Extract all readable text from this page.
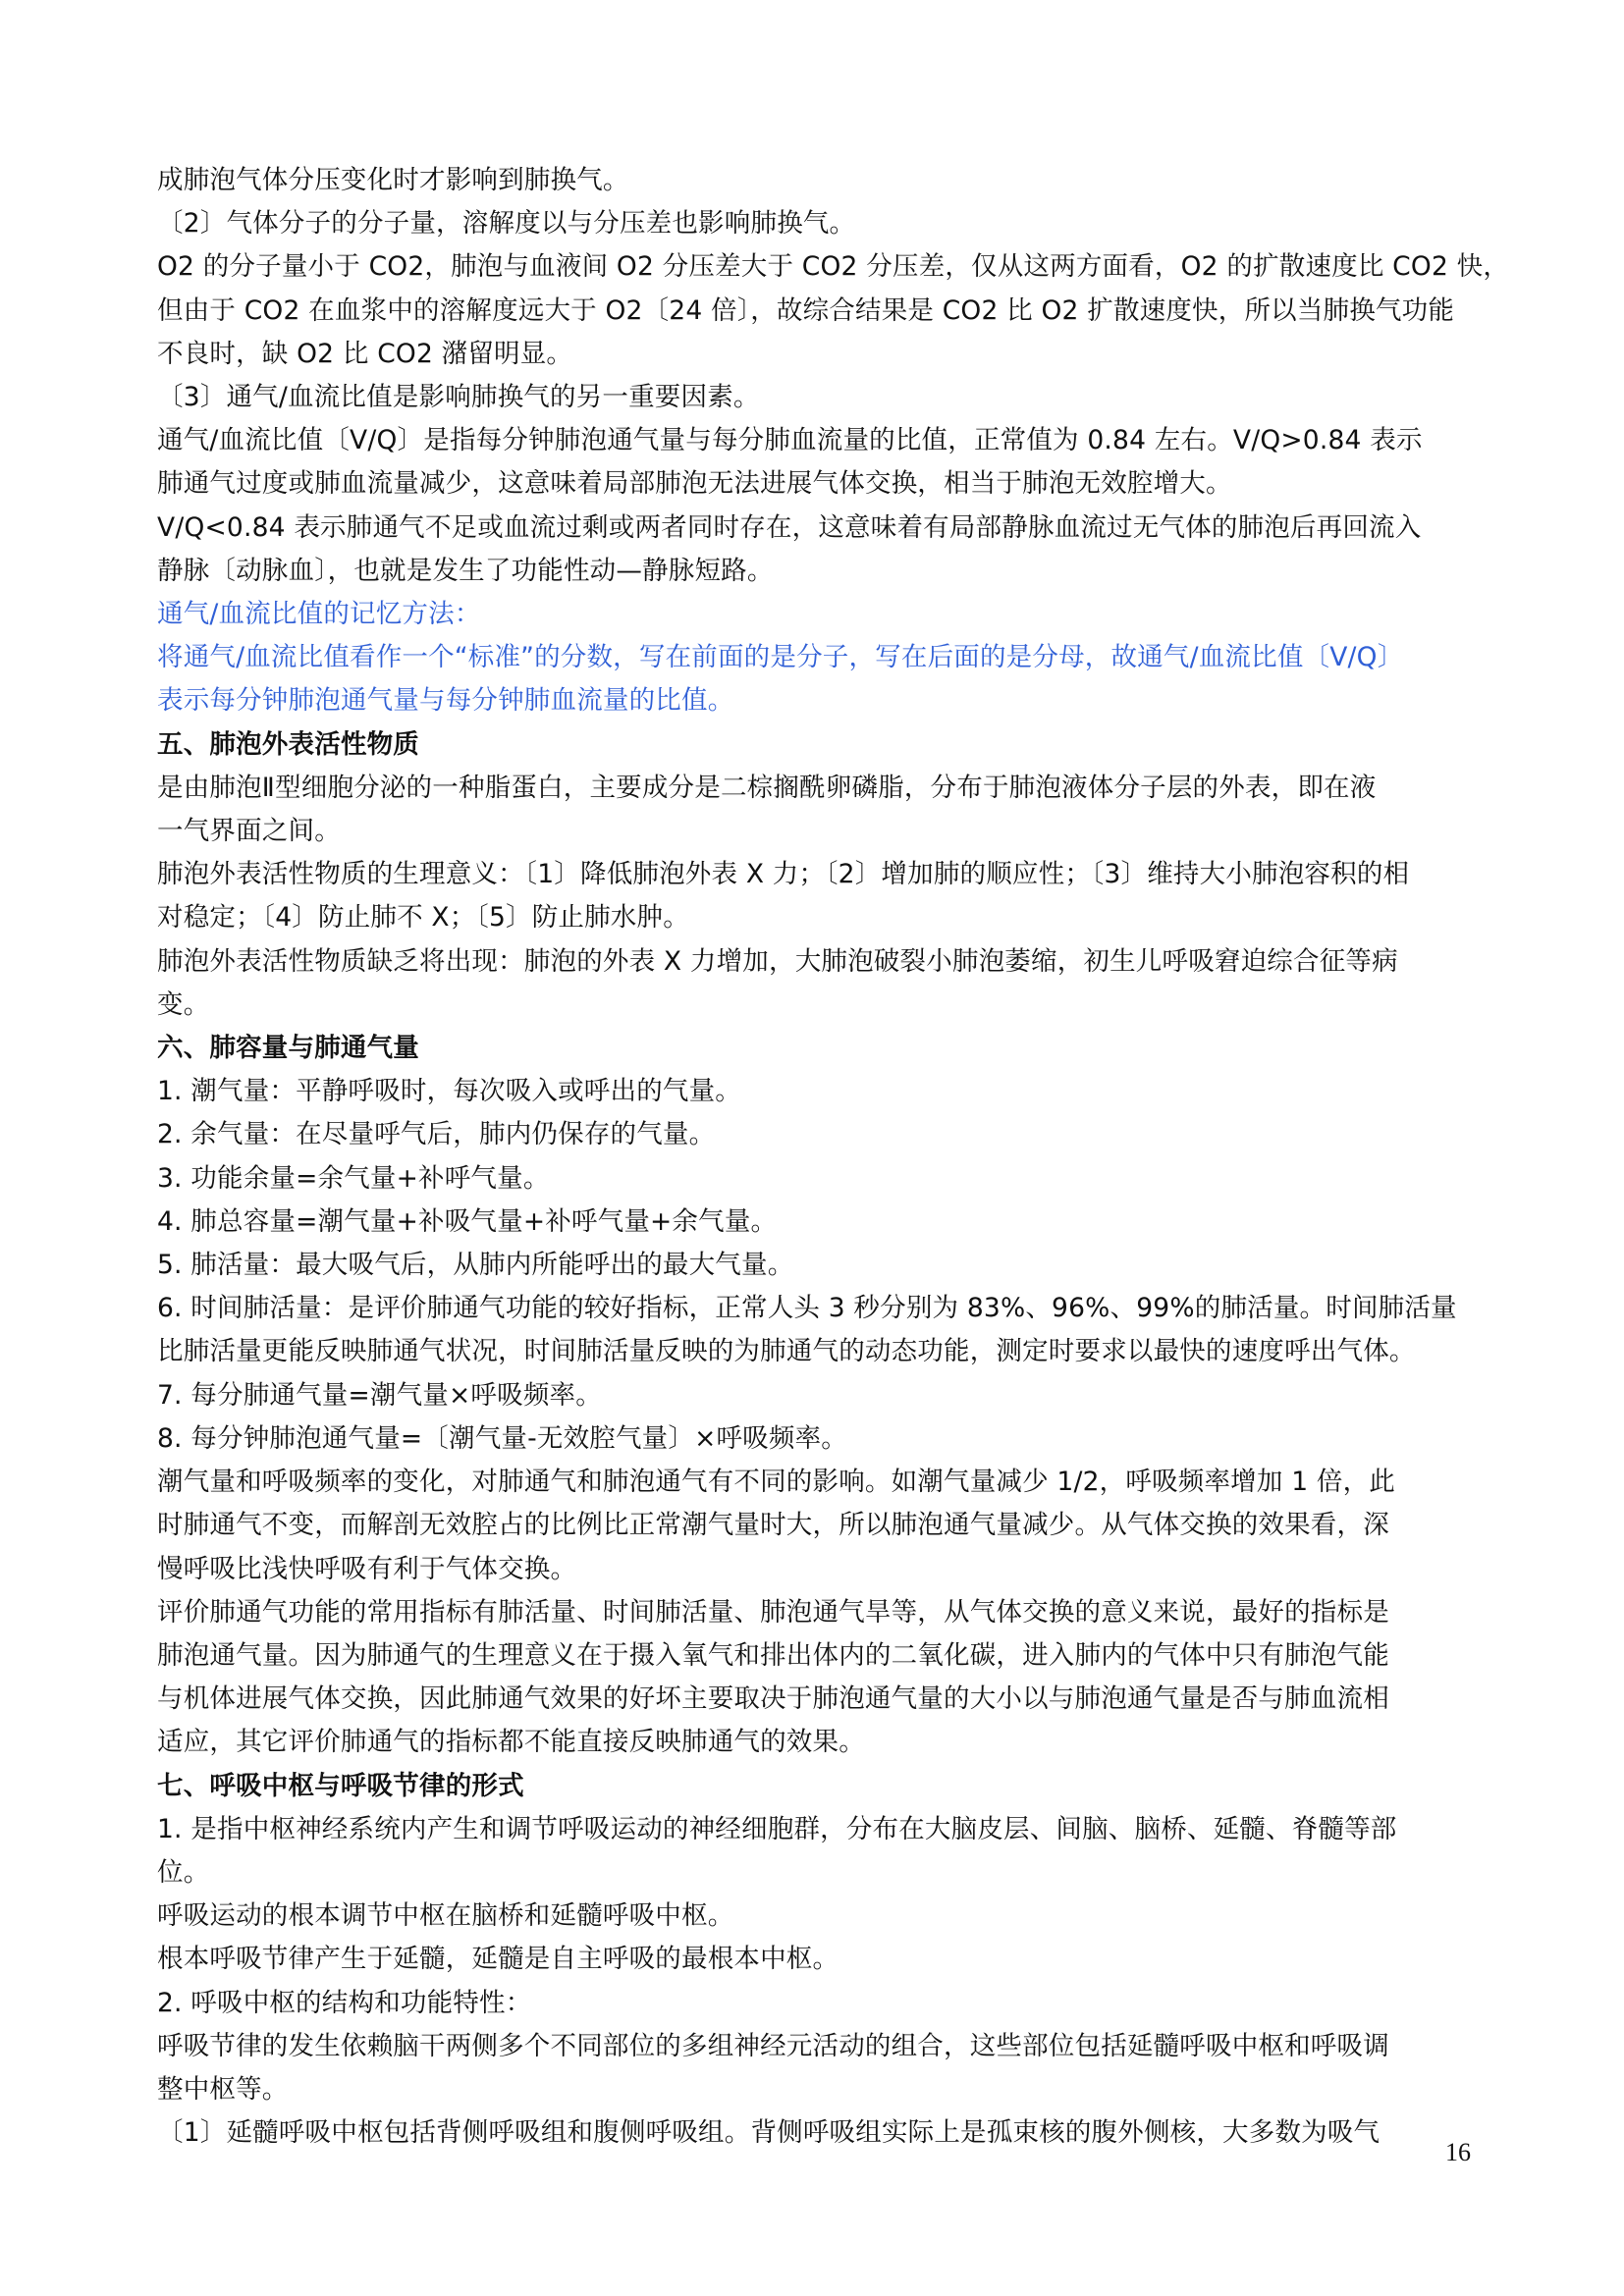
成肺泡气体分压变化时才影响到肺换气。
〔2〕气体分子的分子量，溶解度以与分压差也影响肺换气。
O2 的分子量小于 CO2，肺泡与血液间 O2 分压差大于 CO2 分压差，仅从这两方面看，O2 的扩散速度比 CO2 快，
但由于 CO2 在血浆中的溶解度远大于 O2〔24 倍〕，故综合结果是 CO2 比 O2 扩散速度快，所以当肺换气功能
不良时，缺 O2 比 CO2 潴留明显。
〔3〕通气/血流比值是影响肺换气的另一重要因素。
通气/血流比值〔V/Q〕是指每分钟肺泡通气量与每分肺血流量的比值，正常值为 0.84 左右。V/Q>0.84 表示
肺通气过度或肺血流量减少，这意味着局部肺泡无法进展气体交换，相当于肺泡无效腔增大。
V/Q<0.84 表示肺通气不足或血流过剩或两者同时存在，这意味着有局部静脉血流过无气体的肺泡后再回流入
静脉〔动脉血〕，也就是发生了功能性动—静脉短路。
通气/血流比值的记忆方法：
将通气/血流比值看作一个“标准”的分数，写在前面的是分子，写在后面的是分母，故通气/血流比值〔V/Q〕
表示每分钟肺泡通气量与每分钟肺血流量的比值。
五、肺泡外表活性物质
是由肺泡Ⅱ型细胞分泌的一种脂蛋白，主要成分是二棕搁酰卵磷脂，分布于肺泡液体分子层的外表，即在液
一气界面之间。
肺泡外表活性物质的生理意义：〔1〕降低肺泡外表 X 力；〔2〕增加肺的顺应性；〔3〕维持大小肺泡容积的相
对稳定；〔4〕防止肺不 X；〔5〕防止肺水肿。
肺泡外表活性物质缺乏将出现：肺泡的外表 X 力增加，大肺泡破裂小肺泡萎缩，初生儿呼吸窘迫综合征等病
变。
六、肺容量与肺通气量
1. 潮气量：平静呼吸时，每次吸入或呼出的气量。
2. 余气量：在尽量呼气后，肺内仍保存的气量。
3. 功能余量=余气量+补呼气量。
4. 肺总容量=潮气量+补吸气量+补呼气量+余气量。
5. 肺活量：最大吸气后，从肺内所能呼出的最大气量。
6. 时间肺活量：是评价肺通气功能的较好指标，正常人头 3 秒分别为 83%、96%、99%的肺活量。时间肺活量
比肺活量更能反映肺通气状况，时间肺活量反映的为肺通气的动态功能，测定时要求以最快的速度呼出气体。
7. 每分肺通气量=潮气量×呼吸频率。
8. 每分钟肺泡通气量=〔潮气量-无效腔气量〕×呼吸频率。
潮气量和呼吸频率的变化，对肺通气和肺泡通气有不同的影响。如潮气量减少 1/2，呼吸频率增加 1 倍，此
时肺通气不变，而解剖无效腔占的比例比正常潮气量时大，所以肺泡通气量减少。从气体交换的效果看，深
慢呼吸比浅快呼吸有利于气体交换。
评价肺通气功能的常用指标有肺活量、时间肺活量、肺泡通气旱等，从气体交换的意义来说，最好的指标是
肺泡通气量。因为肺通气的生理意义在于摄入氧气和排出体内的二氧化碳，进入肺内的气体中只有肺泡气能
与机体进展气体交换，因此肺通气效果的好坏主要取决于肺泡通气量的大小以与肺泡通气量是否与肺血流相
适应，其它评价肺通气的指标都不能直接反映肺通气的效果。
七、呼吸中枢与呼吸节律的形式
1. 是指中枢神经系统内产生和调节呼吸运动的神经细胞群，分布在大脑皮层、间脑、脑桥、延髓、脊髓等部
位。
呼吸运动的根本调节中枢在脑桥和延髓呼吸中枢。
根本呼吸节律产生于延髓，延髓是自主呼吸的最根本中枢。
2. 呼吸中枢的结构和功能特性：
呼吸节律的发生依赖脑干两侧多个不同部位的多组神经元活动的组合，这些部位包括延髓呼吸中枢和呼吸调
整中枢等。
〔1〕延髓呼吸中枢包括背侧呼吸组和腹侧呼吸组。背侧呼吸组实际上是孤束核的腹外侧核，大多数为吸气
16
